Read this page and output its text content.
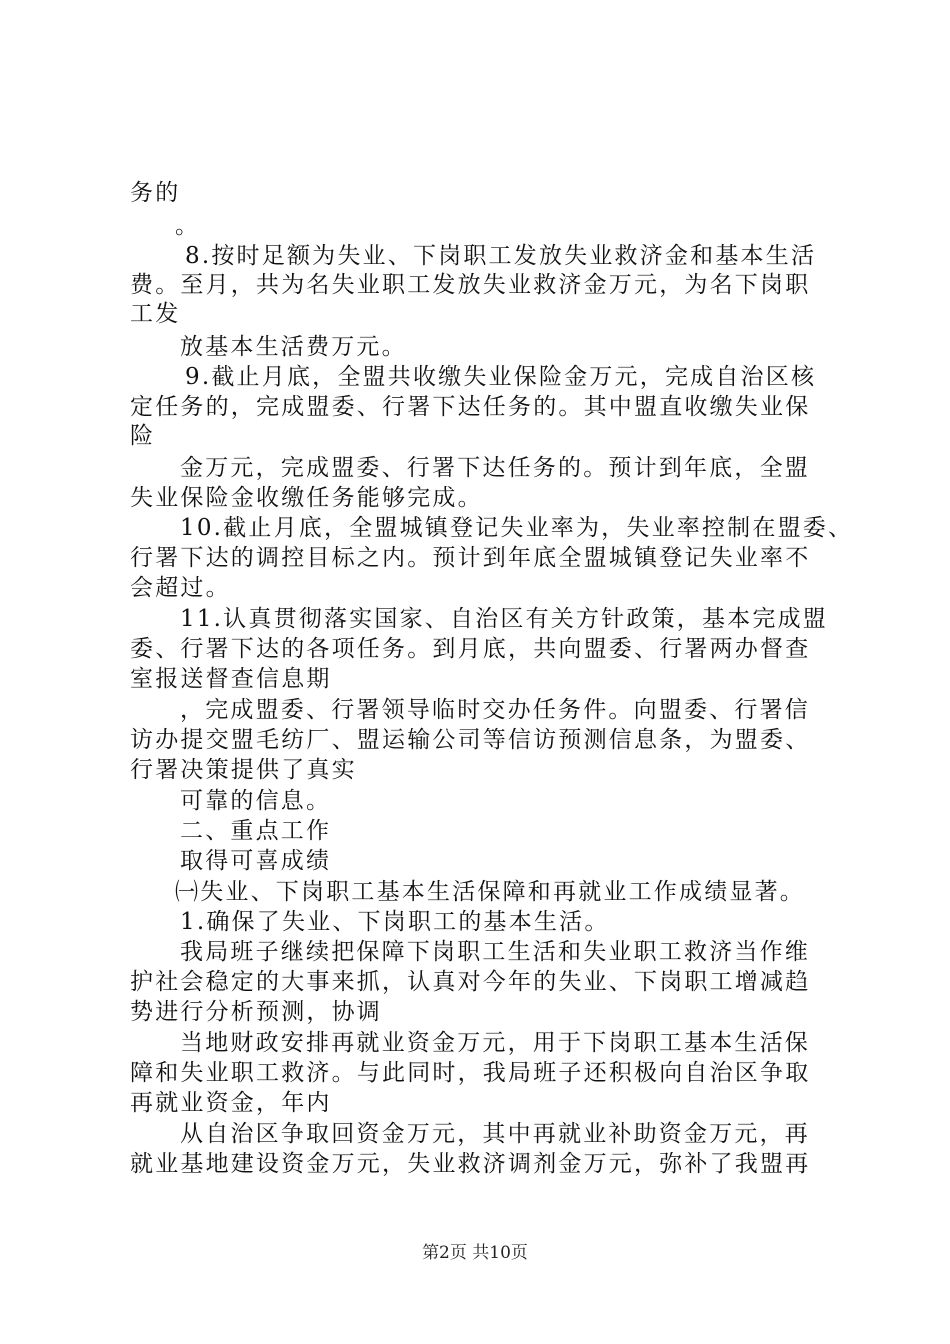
务的
。
8.按时足额为失业、下岗职工发放失业救济金和基本生活
费。至月，共为名失业职工发放失业救济金万元，为名下岗职
工发
放基本生活费万元。
9.截止月底，全盟共收缴失业保险金万元，完成自治区核
定任务的，完成盟委、行署下达任务的。其中盟直收缴失业保
险
金万元，完成盟委、行署下达任务的。预计到年底，全盟
失业保险金收缴任务能够完成。
10.截止月底，全盟城镇登记失业率为，失业率控制在盟委、
行署下达的调控目标之内。预计到年底全盟城镇登记失业率不
会超过。
11.认真贯彻落实国家、自治区有关方针政策，基本完成盟
委、行署下达的各项任务。到月底，共向盟委、行署两办督查
室报送督查信息期
，完成盟委、行署领导临时交办任务件。向盟委、行署信
访办提交盟毛纺厂、盟运输公司等信访预测信息条，为盟委、
行署决策提供了真实
可靠的信息。
二、重点工作
取得可喜成绩
㈠失业、下岗职工基本生活保障和再就业工作成绩显著。
1.确保了失业、下岗职工的基本生活。
我局班子继续把保障下岗职工生活和失业职工救济当作维
护社会稳定的大事来抓，认真对今年的失业、下岗职工增减趋
势进行分析预测，协调
当地财政安排再就业资金万元，用于下岗职工基本生活保
障和失业职工救济。与此同时，我局班子还积极向自治区争取
再就业资金，年内
从自治区争取回资金万元，其中再就业补助资金万元，再
就业基地建设资金万元，失业救济调剂金万元，弥补了我盟再
第2页 共10页
